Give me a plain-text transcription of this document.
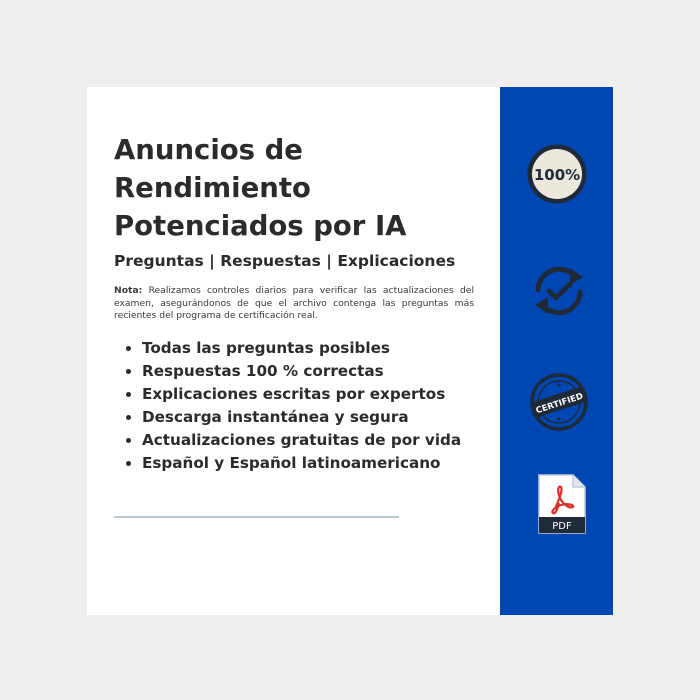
Anuncios de
Rendimiento
Potenciados por IA

Preguntas | Respuestas | Explicaciones

Nota: Realizamos controles diarios para verificar las actualizaciones del examen, asegurándonos de que el archivo contenga las preguntas más recientes del programa de certificación real.

• Todas las preguntas posibles
• Respuestas 100 % correctas
• Explicaciones escritas por expertos
• Descarga instantánea y segura
• Actualizaciones gratuitas de por vida
• Español y Español latinoamericano
100%
CERTIFIED
PDF
